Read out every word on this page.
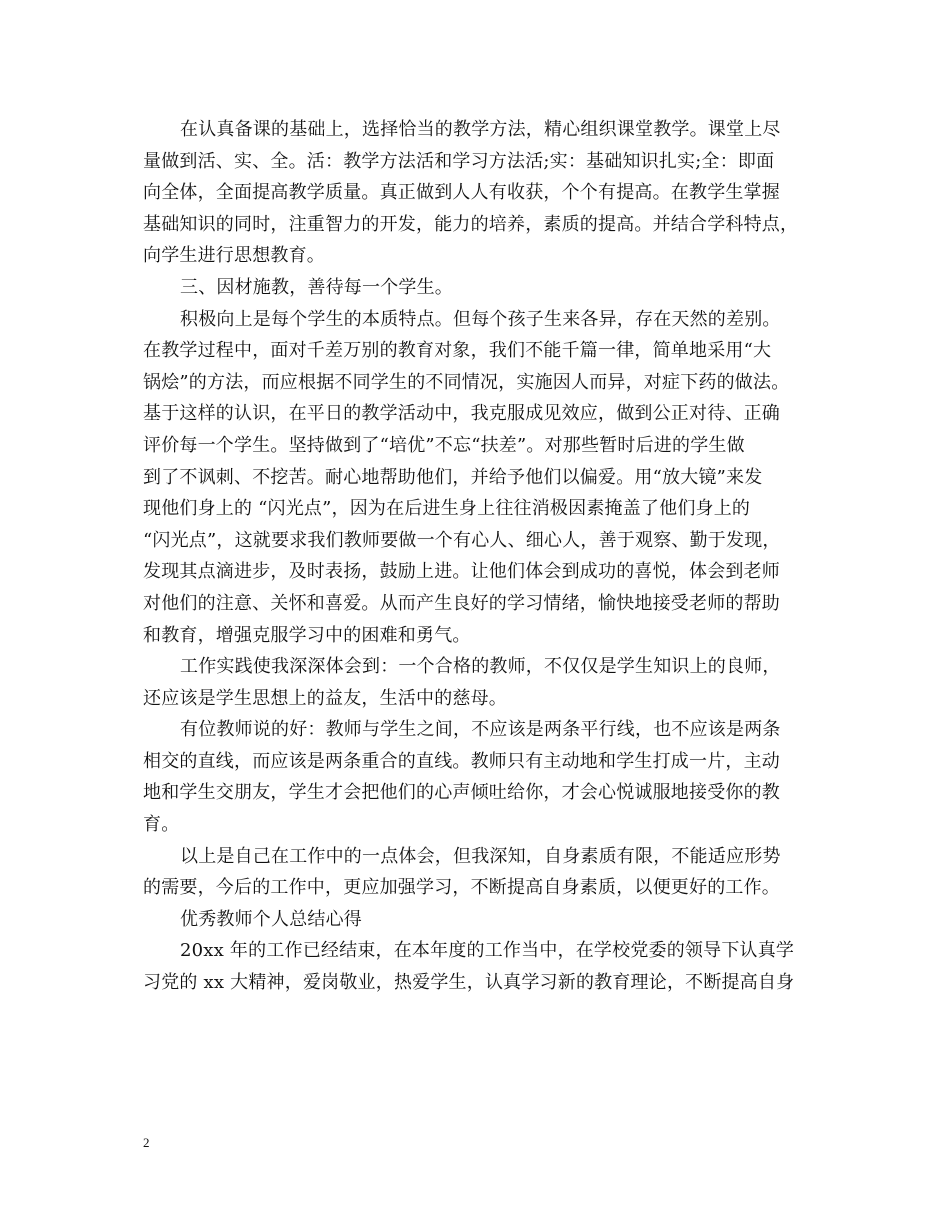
在认真备课的基础上，选择恰当的教学方法，精心组织课堂教学。课堂上尽
量做到活、实、全。活：教学方法活和学习方法活;实：基础知识扎实;全：即面
向全体，全面提高教学质量。真正做到人人有收获，个个有提高。在教学生掌握
基础知识的同时，注重智力的开发，能力的培养，素质的提高。并结合学科特点，
向学生进行思想教育。
三、因材施教，善待每一个学生。
积极向上是每个学生的本质特点。但每个孩子生来各异，存在天然的差别。
在教学过程中，面对千差万别的教育对象，我们不能千篇一律，简单地采用“大
锅烩”的方法，而应根据不同学生的不同情况，实施因人而异，对症下药的做法。
基于这样的认识，在平日的教学活动中，我克服成见效应，做到公正对待、正确
评价每一个学生。坚持做到了“培优”不忘“扶差”。对那些暂时后进的学生做
到了不讽刺、不挖苦。耐心地帮助他们，并给予他们以偏爱。用“放大镜”来发
现他们身上的 “闪光点”，因为在后进生身上往往消极因素掩盖了他们身上的
“闪光点”，这就要求我们教师要做一个有心人、细心人，善于观察、勤于发现，
发现其点滴进步，及时表扬，鼓励上进。让他们体会到成功的喜悦，体会到老师
对他们的注意、关怀和喜爱。从而产生良好的学习情绪，愉快地接受老师的帮助
和教育，增强克服学习中的困难和勇气。
工作实践使我深深体会到：一个合格的教师，不仅仅是学生知识上的良师，
还应该是学生思想上的益友，生活中的慈母。
有位教师说的好：教师与学生之间，不应该是两条平行线，也不应该是两条
相交的直线，而应该是两条重合的直线。教师只有主动地和学生打成一片，主动
地和学生交朋友，学生才会把他们的心声倾吐给你，才会心悦诚服地接受你的教
育。
以上是自己在工作中的一点体会，但我深知，自身素质有限，不能适应形势
的需要，今后的工作中，更应加强学习，不断提高自身素质，以便更好的工作。
优秀教师个人总结心得
20xx 年的工作已经结束，在本年度的工作当中，在学校党委的领导下认真学
习党的 xx 大精神，爱岗敬业，热爱学生，认真学习新的教育理论，不断提高自身
2
